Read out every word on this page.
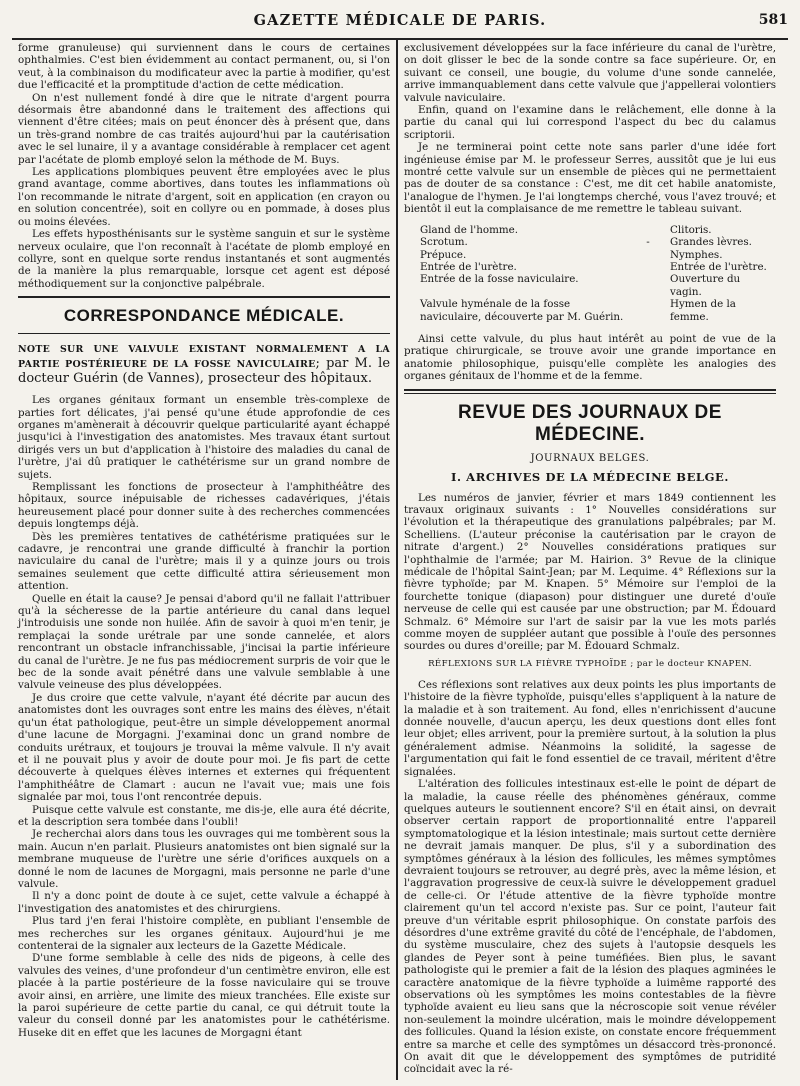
GAZETTE MÉDICALE DE PARIS.	581

forme granuleuse) qui surviennent dans le cours de certaines ophthalmies. C'est bien évidemment au contact permanent, ou, si l'on veut, à la combinaison du modificateur avec la partie à modifier, qu'est due l'efficacité et la promptitude d'action de cette médication.

On n'est nullement fondé à dire que le nitrate d'argent pourra désormais être abandonné dans le traitement des affections qui viennent d'être citées; mais on peut énoncer dès à présent que, dans un très-grand nombre de cas traités aujourd'hui par la cautérisation avec le sel lunaire, il y a avantage considérable à remplacer cet agent par l'acétate de plomb employé selon la méthode de M. Buys.

Les applications plombiques peuvent être employées avec le plus grand avantage, comme abortives, dans toutes les inflammations où l'on recommande le nitrate d'argent, soit en application (en crayon ou en solution concentrée), soit en collyre ou en pommade, à doses plus ou moins élevées.

Les effets hyposthénisants sur le système sanguin et sur le système nerveux oculaire, que l'on reconnaît à l'acétate de plomb employé en collyre, sont en quelque sorte rendus instantanés et sont augmentés de la manière la plus remarquable, lorsque cet agent est déposé méthodiquement sur la conjonctive palpébrale.

CORRESPONDANCE MÉDICALE.
NOTE SUR UNE VALVULE EXISTANT NORMALEMENT A LA PARTIE POSTÉRIEURE DE LA FOSSE NAVICULAIRE; par M. le docteur Guérin (de Vannes), prosecteur des hôpitaux.

Les organes génitaux formant un ensemble très-complexe de parties fort délicates, j'ai pensé qu'une étude approfondie de ces organes m'amènerait à découvrir quelque particularité ayant échappé jusqu'ici à l'investigation des anatomistes. Mes travaux étant surtout dirigés vers un but d'application à l'histoire des maladies du canal de l'urètre, j'ai dû pratiquer le cathétérisme sur un grand nombre de sujets.

Remplissant les fonctions de prosecteur à l'amphithéâtre des hôpitaux, source inépuisable de richesses cadavériques, j'étais heureusement placé pour donner suite à des recherches commencées depuis longtemps déjà.

Dès les premières tentatives de cathétérisme pratiquées sur le cadavre, je rencontrai une grande difficulté à franchir la portion naviculaire du canal de l'urètre; mais il y a quinze jours ou trois semaines seulement que cette difficulté attira sérieusement mon attention.

Quelle en était la cause? Je pensai d'abord qu'il ne fallait l'attribuer qu'à la sécheresse de la partie antérieure du canal dans lequel j'introduisis une sonde non huilée. Afin de savoir à quoi m'en tenir, je remplaçai la sonde urétrale par une sonde cannelée, et alors rencontrant un obstacle infranchissable, j'incisai la partie inférieure du canal de l'urètre. Je ne fus pas médiocrement surpris de voir que le bec de la sonde avait pénétré dans une valvule semblable à une valvule veineuse des plus développées.

Je dus croire que cette valvule, n'ayant été décrite par aucun des anatomistes dont les ouvrages sont entre les mains des élèves, n'était qu'un état pathologique, peut-être un simple développement anormal d'une lacune de Morgagni. J'examinai donc un grand nombre de conduits urétraux, et toujours je trouvai la même valvule. Il n'y avait et il ne pouvait plus y avoir de doute pour moi. Je fis part de cette découverte à quelques élèves internes et externes qui fréquentent l'amphithéâtre de Clamart : aucun ne l'avait vue; mais une fois signalée par moi, tous l'ont rencontrée depuis.

Puisque cette valvule est constante, me dis-je, elle aura été décrite, et la description sera tombée dans l'oubli!

Je recherchai alors dans tous les ouvrages qui me tombèrent sous la main. Aucun n'en parlait. Plusieurs anatomistes ont bien signalé sur la membrane muqueuse de l'urètre une série d'orifices auxquels on a donné le nom de lacunes de Morgagni, mais personne ne parle d'une valvule.

Il n'y a donc point de doute à ce sujet, cette valvule a échappé à l'investigation des anatomistes et des chirurgiens.

Plus tard j'en ferai l'histoire complète, en publiant l'ensemble de mes recherches sur les organes génitaux. Aujourd'hui je me contenterai de la signaler aux lecteurs de la Gazette Médicale.

D'une forme semblable à celle des nids de pigeons, à celle des valvules des veines, d'une profondeur d'un centimètre environ, elle est placée à la partie postérieure de la fosse naviculaire qui se trouve avoir ainsi, en arrière, une limite des mieux tranchées. Elle existe sur la paroi supérieure de cette partie du canal, ce qui détruit toute la valeur du conseil donné par les anatomistes pour le cathétérisme. Huseke dit en effet que les lacunes de Morgagni étant

exclusivement développées sur la face inférieure du canal de l'urètre, on doit glisser le bec de la sonde contre sa face supérieure. Or, en suivant ce conseil, une bougie, du volume d'une sonde cannelée, arrive immanquablement dans cette valvule que j'appellerai volontiers valvule naviculaire.

Enfin, quand on l'examine dans le relâchement, elle donne à la partie du canal qui lui correspond l'aspect du bec du calamus scriptorii.

Je ne terminerai point cette note sans parler d'une idée fort ingénieuse émise par M. le professeur Serres, aussitôt que je lui eus montré cette valvule sur un ensemble de pièces qui ne permettaient pas de douter de sa constance : C'est, me dit cet habile anatomiste, l'analogue de l'hymen. Je l'ai longtemps cherché, vous l'avez trouvé; et bientôt il eut la complaisance de me remettre le tableau suivant.

Gland de l'homme.		Clitoris.
Scrotum.	-	Grandes lèvres.
Prépuce.		Nymphes.
Entrée de l'urètre.		Entrée de l'urètre.
Entrée de la fosse naviculaire.		Ouverture du vagin.
Valvule hyménale de la fosse naviculaire, découverte par M. Guérin.		Hymen de la femme.

Ainsi cette valvule, du plus haut intérêt au point de vue de la pratique chirurgicale, se trouve avoir une grande importance en anatomie philosophique, puisqu'elle complète les analogies des organes génitaux de l'homme et de la femme.

REVUE DES JOURNAUX DE MÉDECINE.
JOURNAUX BELGES.
I. ARCHIVES DE LA MÉDECINE BELGE.

Les numéros de janvier, février et mars 1849 contiennent les travaux originaux suivants : 1° Nouvelles considérations sur l'évolution et la thérapeutique des granulations palpébrales; par M. Schelliens. (L'auteur préconise la cautérisation par le crayon de nitrate d'argent.) 2° Nouvelles considérations pratiques sur l'ophthalmie de l'armée; par M. Hairion. 3° Revue de la clinique médicale de l'hôpital Saint-Jean; par M. Lequime. 4° Réflexions sur la fièvre typhoïde; par M. Knapen. 5° Mémoire sur l'emploi de la fourchette tonique (diapason) pour distinguer une dureté d'ouïe nerveuse de celle qui est causée par une obstruction; par M. Édouard Schmalz. 6° Mémoire sur l'art de saisir par la vue les mots parlés comme moyen de suppléer autant que possible à l'ouïe des personnes sourdes ou dures d'oreille; par M. Édouard Schmalz.

RÉFLEXIONS SUR LA FIÈVRE TYPHOÏDE ; par le docteur KNAPEN.

Ces réflexions sont relatives aux deux points les plus importants de l'histoire de la fièvre typhoïde, puisqu'elles s'appliquent à la nature de la maladie et à son traitement. Au fond, elles n'enrichissent d'aucune donnée nouvelle, d'aucun aperçu, les deux questions dont elles font leur objet; elles arrivent, pour la première surtout, à la solution la plus généralement admise. Néanmoins la solidité, la sagesse de l'argumentation qui fait le fond essentiel de ce travail, méritent d'être signalées.

L'altération des follicules intestinaux est-elle le point de départ de la maladie, la cause réelle des phénomènes généraux, comme quelques auteurs le soutiennent encore? S'il en était ainsi, on devrait observer certain rapport de proportionnalité entre l'appareil symptomatologique et la lésion intestinale; mais surtout cette dernière ne devrait jamais manquer. De plus, s'il y a subordination des symptômes généraux à la lésion des follicules, les mêmes symptômes devraient toujours se retrouver, au degré près, avec la même lésion, et l'aggravation progressive de ceux-là suivre le développement graduel de celle-ci. Or l'étude attentive de la fièvre typhoïde montre clairement qu'un tel accord n'existe pas. Sur ce point, l'auteur fait preuve d'un véritable esprit philosophique. On constate parfois des désordres d'une extrême gravité du côté de l'encéphale, de l'abdomen, du système musculaire, chez des sujets à l'autopsie desquels les glandes de Peyer sont à peine tuméfiées. Bien plus, le savant pathologiste qui le premier a fait de la lésion des plaques agminées le caractère anatomique de la fièvre typhoïde a luimême rapporté des observations où les symptômes les moins contestables de la fièvre typhoïde avaient eu lieu sans que la nécroscopie soit venue révéler non-seulement la moindre ulcération, mais le moindre développement des follicules. Quand la lésion existe, on constate encore fréquemment entre sa marche et celle des symptômes un désaccord très-prononcé. On avait dit que le développement des symptômes de putridité coïncidait avec la ré-
